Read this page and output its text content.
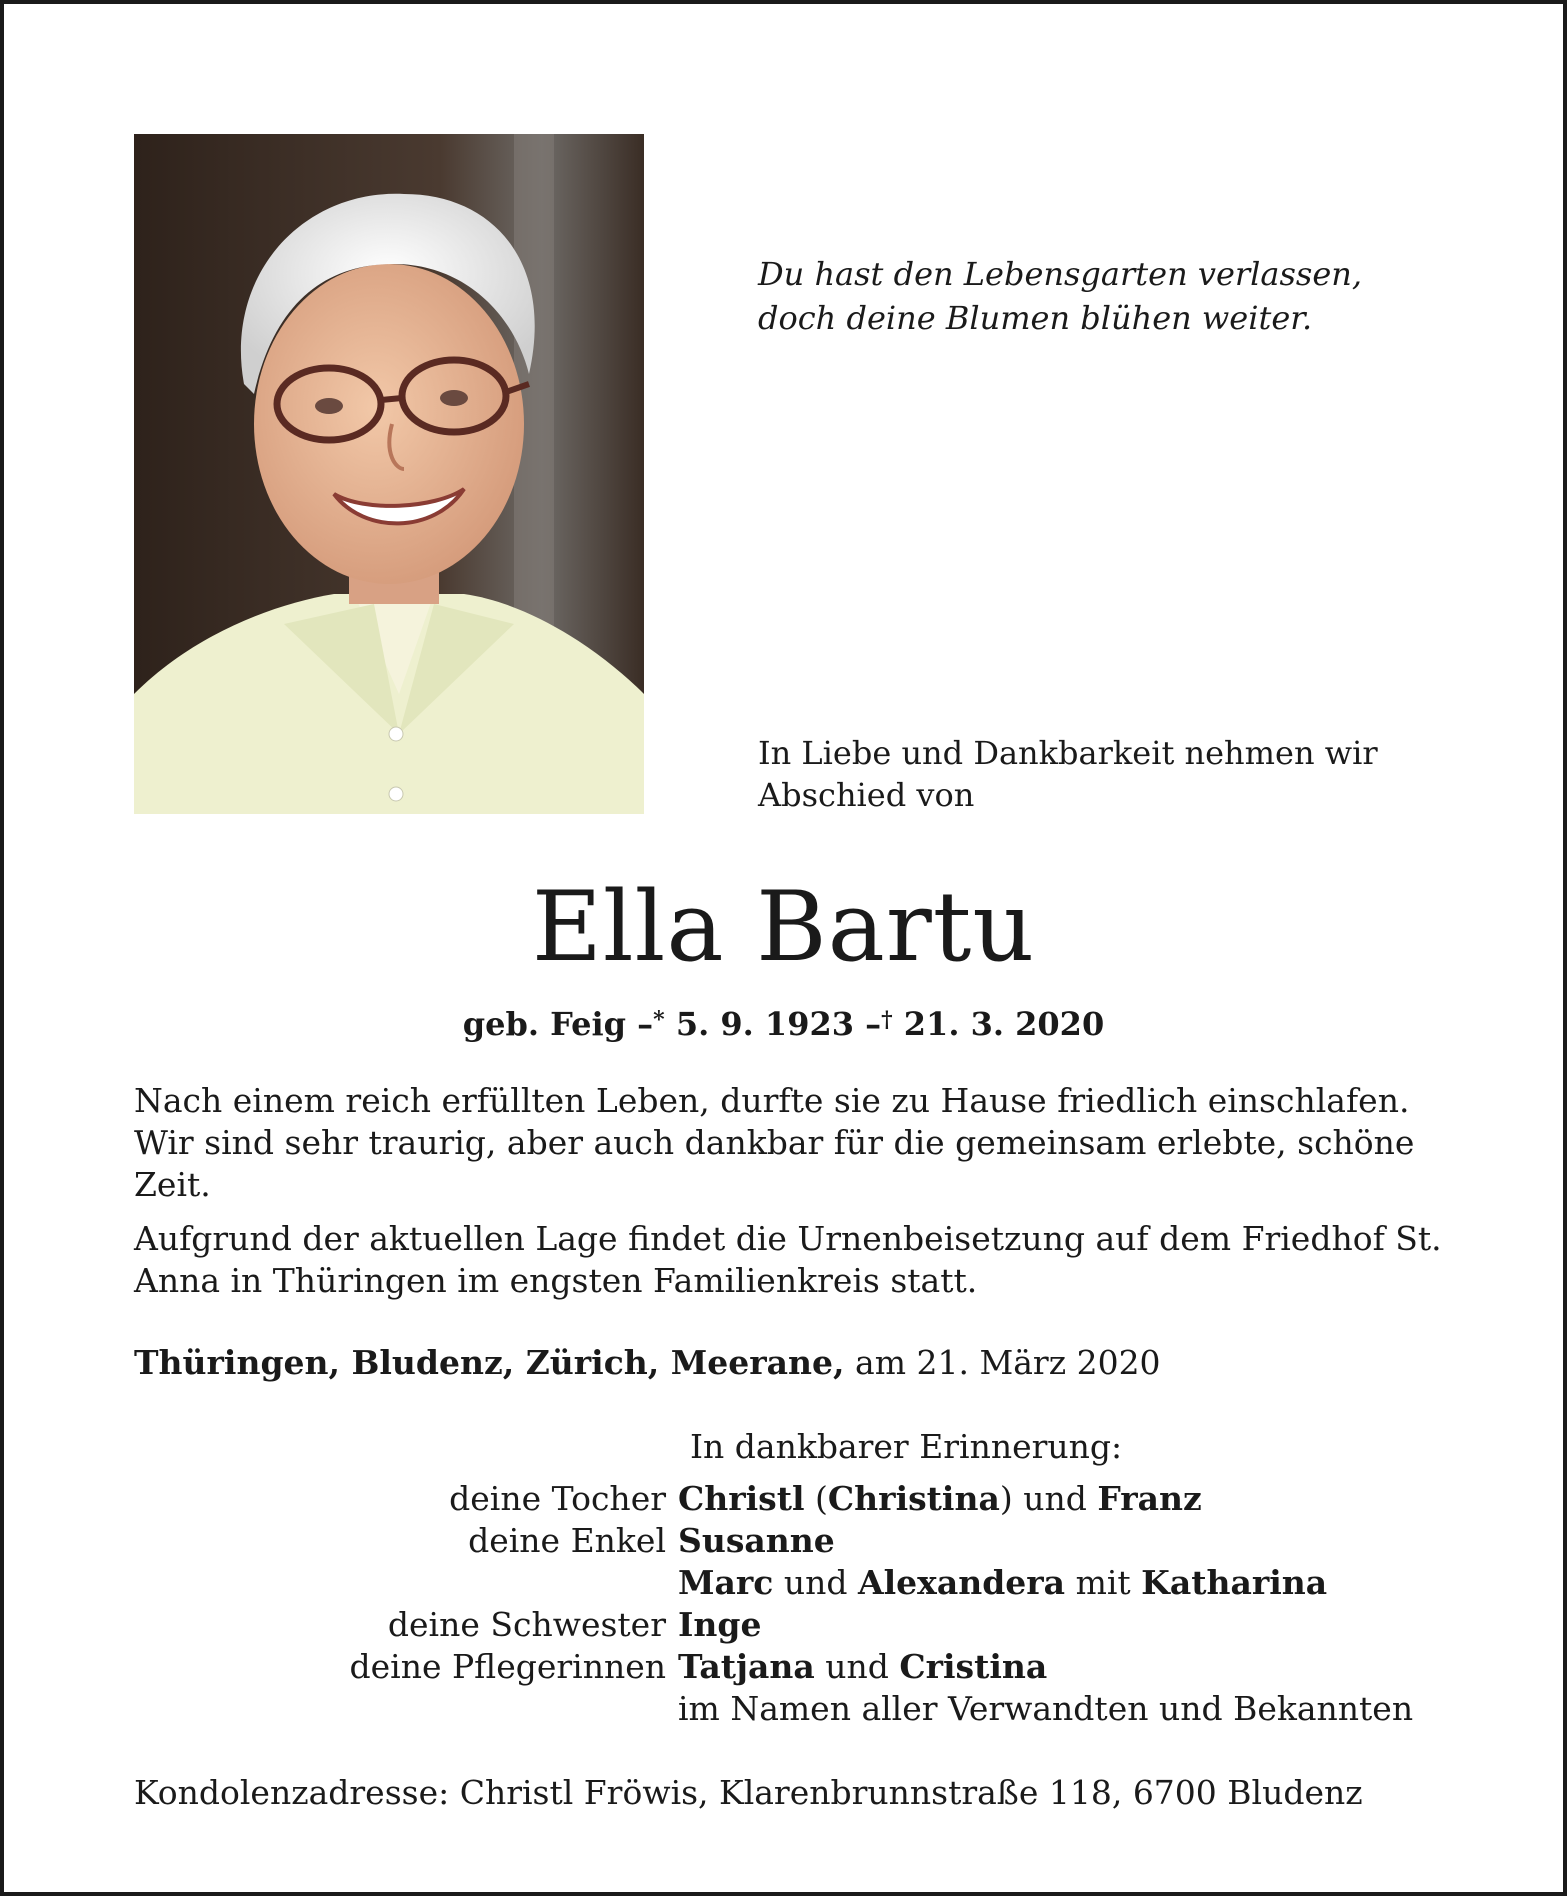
Du hast den Lebensgarten verlassen,
doch deine Blumen blühen weiter.
In Liebe und Dankbarkeit nehmen wir
Abschied von
Ella Bartu
geb. Feig –* 5. 9. 1923 –† 21. 3. 2020

Nach einem reich erfüllten Leben, durfte sie zu Hause friedlich einschlafen. Wir sind sehr traurig, aber auch dankbar für die gemeinsam erlebte, schöne Zeit.

Aufgrund der aktuellen Lage findet die Urnenbeisetzung auf dem Friedhof St. Anna in Thüringen im engsten Familienkreis statt.

Thüringen, Bludenz, Zürich, Meerane, am 21. März 2020
In dankbarer Erinnerung:
deine Tocher Christl (Christina) und Franz
deine Enkel Susanne
Marc und Alexandera mit Katharina
deine Schwester Inge
deine Pflegerinnen Tatjana und Cristina
im Namen aller Verwandten und Bekannten
Kondolenzadresse: Christl Fröwis, Klarenbrunnstraße 118, 6700 Bludenz
